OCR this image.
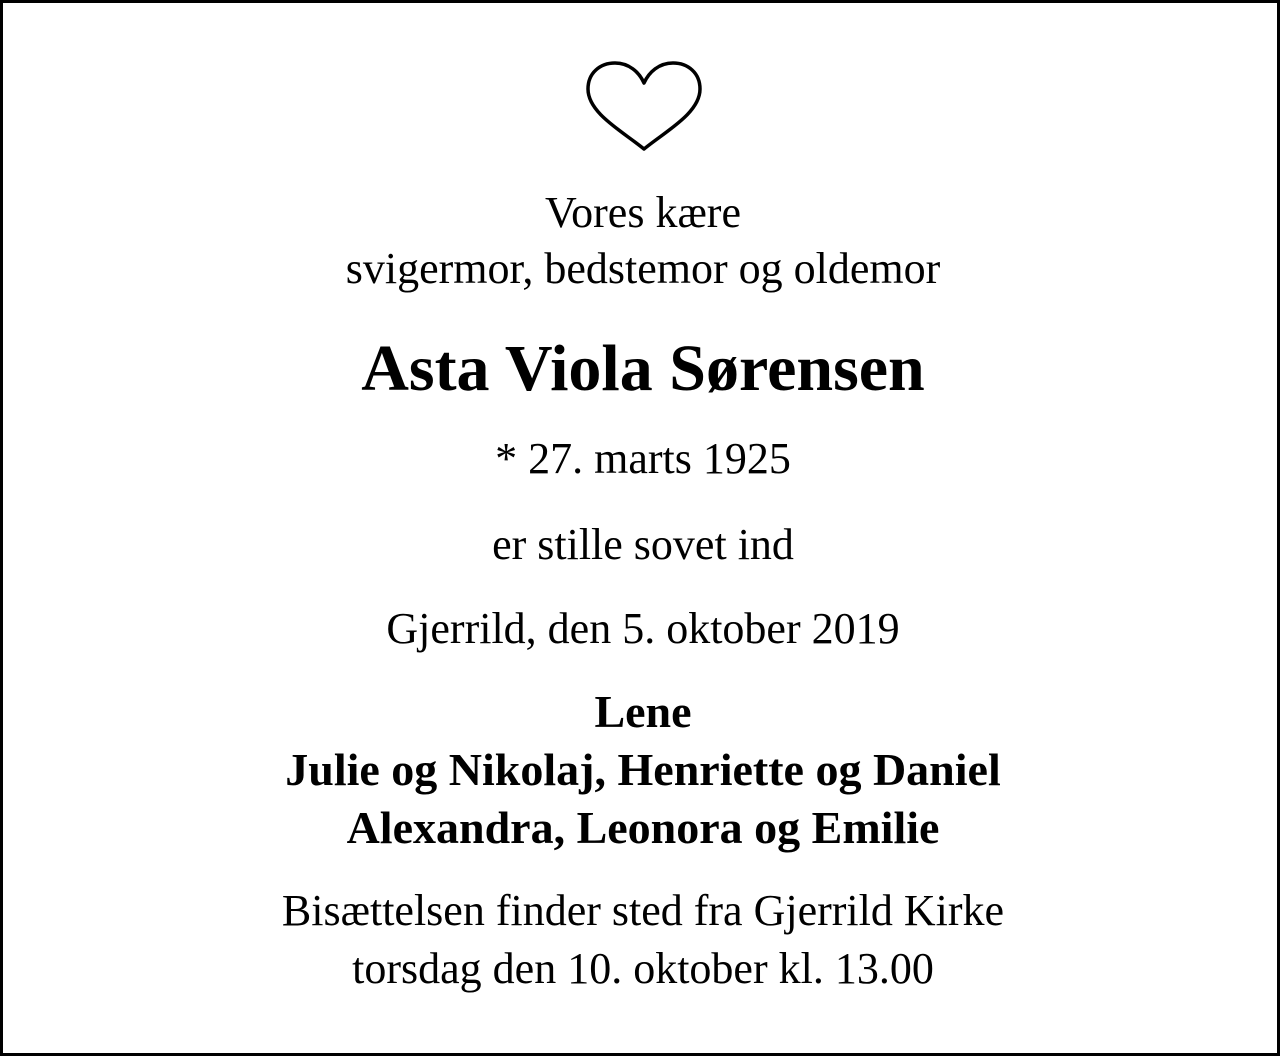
Vores kære

svigermor, bedstemor og oldemor

Asta Viola Sørensen

* 27. marts 1925

er stille sovet ind

Gjerrild, den 5. oktober 2019

Lene

Julie og Nikolaj, Henriette og Daniel

Alexandra, Leonora og Emilie

Bisættelsen finder sted fra Gjerrild Kirke

torsdag den 10. oktober kl. 13.00
